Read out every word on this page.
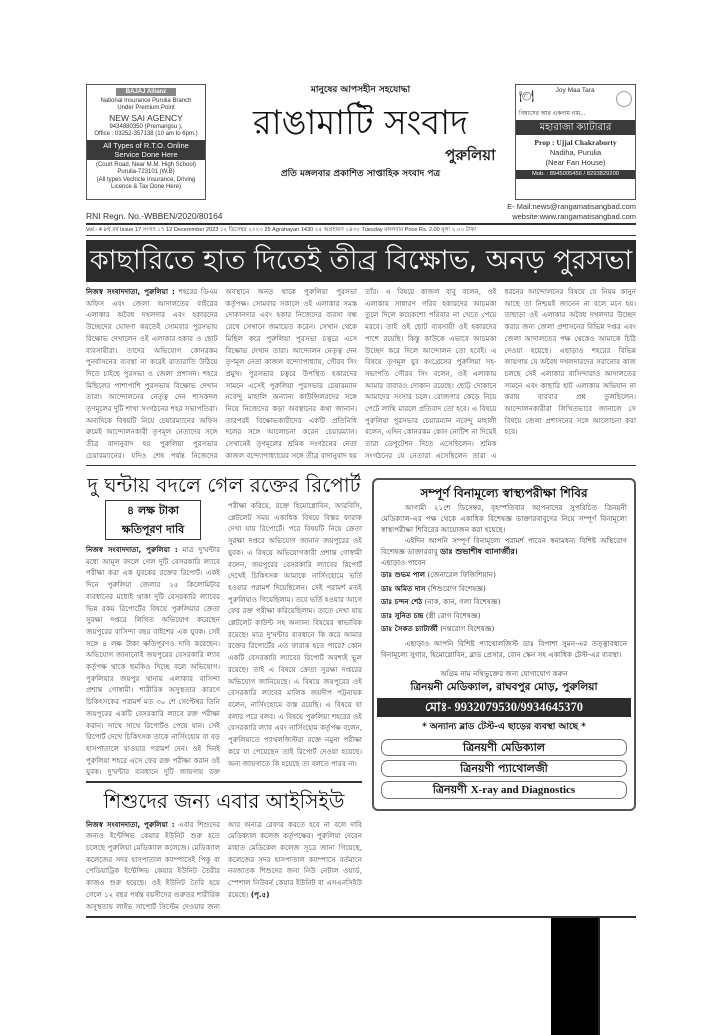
BAJAJ Allianz
National Insurance Purulia Branch
Under Premium Point
NEW SAI AGENCY
9434880350 (Premangsu ),
Office : 03252-357138 (10 am to 6pm.)
All Types of R.T.O. Online Service Done Here
(Court Road, Near M.M. High School)
Purulia-723101 (W.B)
(All types Vechicle Insurance, Driving Licence & Tax Done Here)
মানুষের আপসহীন সহযোদ্ধা
রাঙামাটি সংবাদ
পুরুলিয়া
প্রতি মঙ্গলবার প্রকাশিত সাপ্তাহিক সংবাদ পত্র
🍽	Joy Maa Tara
বিশ্বাসের আর একনাম নাম...
মহারাজা ক্যাটারার
Prop : Ujjal Chakraborty
Nadiha, Purulia
(Near Fan House)
Mob. : 8945005456 / 8293829200
RNI Regn. No.-WBBEN/2020/80164
E- Mail:news@rangamatisangbad.com
website:www.rangamatisangbad.com
Vol - 4 ৪র্থ বর্ষ Issue 17 সংখ্যা ১৭ 12 Decemmber 2023 ১২ ডিসেম্বর ২০২৩ 25 Agrahayan 1430 ২৫ অগ্রহায়ণ ১৪৩০ Tuesday মঙ্গলবার Price Rs. 2.00 মূল্য ২.০০ টাকা
কাছারিতে হাত দিতেই তীব্র বিক্ষোভ, অনড় পুরসভা

নিজস্ব সংবাদদাতা, পুরুলিয়া : শহরের ডিএম অফিস এবং জেলা আদালতের বাইরের এলাকার অবৈধ দখলদার এবং হকারদের উচ্ছেদের ঘোষণা করতেই সোমবার পুরসভায় বিক্ষোভ দেখালেন ওই এলাকার হকার ও ছোট ব্যবসায়ীরা। তাদের অভিযোগ কোনরকম পুনর্বাসনের ব্যবস্থা না করেই রাতারাতি উঠিয়ে দিতে চাইছে পুরসভা ও জেলা প্রশাসন। শহরে মিছিলের পাশাপাশি পুরসভায় বিক্ষোভ দেখান তারা। আন্দোলনের নেতৃত্ব দেন শাসকদল তৃণমূলের দুটি শাখা সংগঠনের শহর সভাপতিরা। অন্যদিকে বিষয়টি নিয়ে চেয়ারম্যানের অফিস রুমেই আন্দোলনকারী তৃণমূল নেতাদের সঙ্গে তীব্র বাদানুবাদ হয় পুরুলিয়া পুরসভার চেয়ারম্যানের। যদিও শেষ পর্যন্ত নিজেদের অবস্থানে অনড় থাকে পুরুলিয়া পুরসভা কর্তৃপক্ষ। সোমবার সকালে ওই এলাকার সমস্ত দোকানদার এবং হকার নিজেদের ব্যবসা বন্ধ রেখে সেখানে জমায়েত করেন। সেখান থেকে মিছিল করে পুরুলিয়া পুরসভা চত্বরে এসে বিক্ষোভ দেখান তারা। আন্দোলন নেতৃত্ব দেন তৃণমূল নেতা কাজল বন্দ্যোপাধ্যায়, গৌরব সিং প্রমুখ। পুরসভার চত্বরে উপস্থিত হকারদের সামনে এসেই পুরুলিয়া পুরসভার চেয়ারম্যান নবেন্দু মাহালি অন্যান্য কাউন্সিলরদের সঙ্গে নিয়ে নিজেদের কড়া অবস্থানের কথা জানান। তারপরই বিক্ষোভকারীদের একটি প্রতিনিধি দলের সঙ্গে আলোচনা করেন চেয়ারম্যান। সেখানেই তৃণমূলের শ্রমিক সংগঠনের নেতা কাজল বন্দ্যোপাধ্যায়ের সঙ্গে তীব্র বাদানুবাদ হয় তাঁর। এ বিষয়ে কাজল বাবু বলেন, ওই এলাকায় সাধারণ গরিব হকারদের আচমকা তুলে দিলে কয়েকশো পরিবার না খেতে পেয়ে মরবে। তাই ওই ছোট ব্যবসায়ী ওই হকারদের পাশে রয়েছি। কিন্তু কাউকে এভাবে আচমকা উচ্ছেদ করে দিলে আন্দোলন তো হবেই। এ বিষয়ে তৃণমূল যুব কংগ্রেসের পুরুলিয়া সহ-সভাপতি গৌরব সিং বলেন, ওই এলাকায় আমার বাবারও দোকান রয়েছে। ছোট্ট দোকানে আমাদের সংসার চলে। রোজগার কেড়ে নিয়ে পেটে লাথি মারলে প্রতিবাদ তো হবে। এ বিষয়ে পুরুলিয়া পুরসভার চেয়ারম্যান নবেন্দু মাহালী বলেন, এদিন কোনরকম কোন নোটিশ না দিয়েই তারা ডেপুটেশন দিতে এসেছিলেন। শ্রমিক সংগঠনের যে নেতারা এসেছিলেন তারা এ ধরনের আন্দোলনের বিষয়ে যে নিয়ম কানুন আছে তা নিশ্চয়ই জানেন না বলে মনে হয়। তাছাড়া ওই এলাকার অবৈধ দখলদার উচ্ছেদ করার জন্য জেলা প্রশাসনের বিভিন্ন দপ্তর এবং জেলা আদালতের পক্ষ থেকেও আমাকে চিঠি দেওয়া হয়েছে। এছাড়াও শহরের বিভিন্ন জায়গায় যে অবৈধ দখলদারদের সরানোর কাজ চলছে সেই এলাকার বাসিন্দারাও আদালতের সামনে এবং কাছারি হাট এলাকায় অভিযান না করায় বারবার প্রশ্ন তুলছিলেন। আন্দোলনকারীরা লিখিতভাবে জানালে সে বিষয়ে জেলা প্রশাসনের সঙ্গে আলোচনা করা হবে।

দু ঘন্টায় বদলে গেল রক্তের রিপোর্ট
৪ লক্ষ টাকা
ক্ষতিপূরণ দাবি

নিজস্ব সংবাদদাতা, পুরুলিয়া : মাত্র দু'ঘন্টার মধ্যে আমূল বদলে গেল দুটি বেসরকারি ল্যাবে পরীক্ষা করা এক যুবকের রক্তের রিপোর্ট। একই দিনে পুরুলিয়া জেলার ২৫ কিলোমিটার ব্যবধানের মধ্যেই থাকা দুটি বেসরকারি ল্যাবের ভিন্ন রকম রিপোর্টের বিষয়ে পুরুলিয়ার ক্রেতা সুরক্ষা দপ্তরে লিখিত অভিযোগ করেছেন জয়পুরের বাসিন্দা বছর বাইশের এক যুবক। সেই সঙ্গে ৪ লক্ষ টাকা ক্ষতিপূরণও দাবি করেছেন। অভিযোগ জানানোই জয়পুরের বেসরকারি ল্যাব কর্তৃপক্ষ থাকে হুমকিও দিচ্ছে বলে অভিযোগ। পুরুলিয়ার জয়পুর থানায় এলাকার বাসিন্দা প্রশান্ত গোস্বামী। শারীরিক অসুস্থতার কারণে চিকিৎসকের পরামর্শ মত ৩০ শে সেপ্টেম্বর তিনি জয়পুরের একটি বেসরকারি ল্যাবে রক্ত পরীক্ষা করান। সাথে সাথে রিপোর্টও পেয়ে যান। সেই রিপোর্ট দেখে চিকিৎসক তাকে নার্সিংহোম বা বড় হাসপাতালে যাওয়ার পরামর্শ দেন। ওই দিনই পুরুলিয়া শহরে এসে ফের রক্ত পরীক্ষা করান ওই যুবক। দু'ঘন্টার ব্যবধানে দুটি জায়গায় রক্ত পরীক্ষা করিয়ে, রক্তে হিমোগ্লোবিন, আরবিসি, প্লেটলেট সময় একাধিক বিষয়ে বিস্তর ফারাক দেখা যায় রিপোর্টে। পরে বিষয়টি নিয়ে ক্রেতা সুরক্ষা দপ্তরে অভিযোগ জানান জয়পুরের ওই যুবক। এ বিষয়ে অভিযোগকারী প্রশান্ত গোস্বামী বলেন, জয়পুরের বেসরকারি ল্যাবের রিপোর্ট দেখেই চিকিৎসক আমাকে নার্সিংহোমে ভর্তি হওয়ার পরামর্শ দিয়েছিলেন। সেই পরামর্শ মতই পুরুলিয়াও গিয়েছিলাম। তবে ভর্তি হওয়ার আগে ফের রক্ত পরীক্ষা করিয়েছিলাম। তাতে দেখা যায় প্লেটলেট কাউন্ট সহ অন্যান্য বিষয়ের স্বাভাবিক রয়েছে। মাত্র দু'ঘন্টার ব্যবধানে কি করে আমার রক্তের রিপোর্টের এত ফারাক হতে পারে? কোন একটি বেসরকারি ল্যাবের রিপোর্ট অবশ্যই ভুল রয়েছে। তাই এ বিষয়ে ক্রেতা সুরক্ষা দপ্তরের অভিযোগ জানিয়েছে। এ বিষয়ে জয়পুরের ওই বেসরকারি ল্যাবের মালিক জয়দীপ পট্টনায়ক বলেন, নার্সিংহোমে ব্যস্ত রয়েছি। এ বিষয়ে যা বলার পরে বলব। এ বিষয়ে পুরুলিয়া শহরের ওই বেসরকারি ল্যাব এবং নার্সিংহোম কর্তৃপক্ষ বলেন, পুরুলিয়াতে প্যাথলজিস্টরা রক্তে নমুনা পরীক্ষা করে যা পেয়েছেন তাই রিপোর্ট দেওয়া হয়েছে। অন্য জায়গাতে কি হয়েছে তা বলতে পারব না।

শিশুদের জন্য এবার আইসিইউ

নিজস্ব সংবাদদাতা, পুরুলিয়া : এবার শিশুদের জন্যও ইন্টেন্সিভ কেয়ার ইউনিট শুরু হতে চলেছে পুরুলিয়া মেডিক্যাল কলেজে। মেডিক্যাল কলেজের সদর হাসপাতাল ক্যাম্পাসেই পিকু বা পেডিয়াট্রিক ইন্টেন্সিভ কেয়ার ইউনিট তৈরীর কাজও শুরু হয়েছে। ওই ইউনিট তৈরি হয়ে গেলে ১২ বছর পর্যন্ত বয়সীদের গুরুতর শারীরিক অসুস্থতায় লাইভ সাপোর্ট সিস্টেম দেওয়ার জন্য আর অন্যত্র রেফার করতে হবে না বলে দাবি মেডিক্যাল কলেজ কর্তৃপক্ষের। পুরুলিয়া দেবেন মাহাত মেডিকেল কলেজ সূত্রে জানা গিয়েছে, কলেজের সদর হাসপাতাল ক্যাম্পাসে বর্তমানে নবজাতক শিশুদের জন্য নিউ নেটাল ওয়ার্ড, স্পেশাল নিউবর্ন কেয়ার ইউনিট বা এসএনসিইউ রয়েছে। (পৃ.৫)

সম্পূর্ণ বিনামূল্যে স্বাস্থ্যপরীক্ষা শিবির
আগামী ২১শে ডিসেম্বর, বৃহস্পতিবার আপনাদের সুপরিচিত ত্রিনয়নী মেডিক্যাল-এর পক্ষ থেকে একাধিক বিশেষজ্ঞ ডাক্তারবাবুদের নিয়ে সম্পূর্ণ বিনামূল্যে স্বাস্থ্যপরীক্ষা শিবিরের আয়োজন করা হয়েছে।
এইদিন আপনি সম্পূর্ণ বিনামূল্যে পরামর্শ পাবেন স্বনামধন্য বিশিষ্ট অস্থিরোগ বিশেষজ্ঞ ডাক্তারবাবু ডাঃ শুভাশীষ ব্যানার্জীর।
এছাড়াও পাবেন
ডাঃ শুভম পাল (জেনারেল ফিজিশিয়ান)
ডাঃ অমিত দাস (শিশুরোগ বিশেষজ্ঞ)
ডাঃ চন্দন শেঠ (নাক, কান, গলা বিশেষজ্ঞ)
ডাঃ সুনিত চন্দ্র (স্ত্রী রোগ বিশেষজ্ঞ)
ডাঃ সৈকত চ্যাটার্জী (দন্তরোগ বিশেষজ্ঞ)
এছাড়াও আপনি বিশিষ্ট প্যাথোলজিস্ট ডাঃ বিপাশা সুমন-এর তত্ত্বাবধানে বিনামূল্যে সুগার, হিমোগ্লোবিন, ব্লাড প্রেসার, বোন স্কেন সহ একাধিক টেস্ট-এর ব্যবস্থা।
অগ্রিম নাম নথিভুক্তের জন্য যোগাযোগ করুন
ত্রিনয়নী মেডিক্যাল, রাঘবপুর মোড়, পুরুলিয়া
মোঃ- 9932079530/9934645370
* অন্যান্য ব্লাড টেস্ট-এ ছাড়ের ব্যবস্থা আছে *
ত্রিনয়ণী মেডিক্যাল
ত্রিনয়ণী প্যাথোলজী
ত্রিনয়ণী X-ray and Diagnostics
